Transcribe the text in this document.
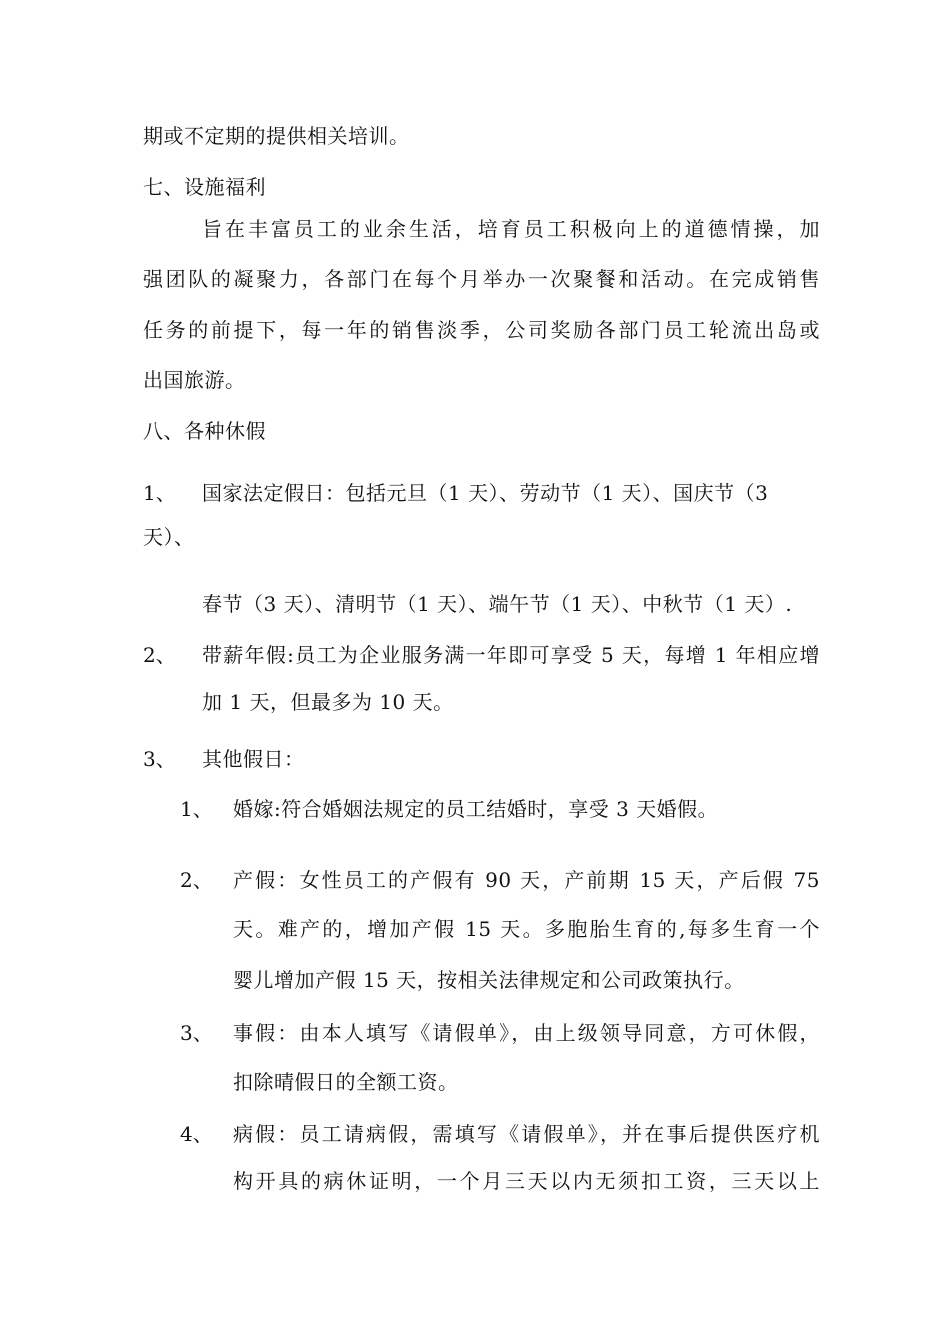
期或不定期的提供相关培训。
七、设施福利
旨在丰富员工的业余生活，培育员工积极向上的道德情操，加
强团队的凝聚力，各部门在每个月举办一次聚餐和活动。在完成销售
任务的前提下，每一年的销售淡季，公司奖励各部门员工轮流出岛或
出国旅游。
八、各种休假
1、 国家法定假日：包括元旦（1 天）、劳动节（1 天）、国庆节（3
天）、
春节（3 天）、清明节（1 天）、端午节（1 天）、中秋节（1 天）.
2、 带薪年假:员工为企业服务满一年即可享受 5 天，每增 1 年相应增
加 1 天，但最多为 10 天。
3、 其他假日：
1、 婚嫁:符合婚姻法规定的员工结婚时，享受 3 天婚假。
2、 产假：女性员工的产假有 90 天，产前期 15 天，产后假 75
天。难产的，增加产假 15 天。多胞胎生育的,每多生育一个
婴儿增加产假 15 天，按相关法律规定和公司政策执行。
3、 事假：由本人填写《请假单》，由上级领导同意，方可休假，
扣除晴假日的全额工资。
4、 病假：员工请病假，需填写《请假单》，并在事后提供医疗机
构开具的病休证明，一个月三天以内无须扣工资，三天以上
